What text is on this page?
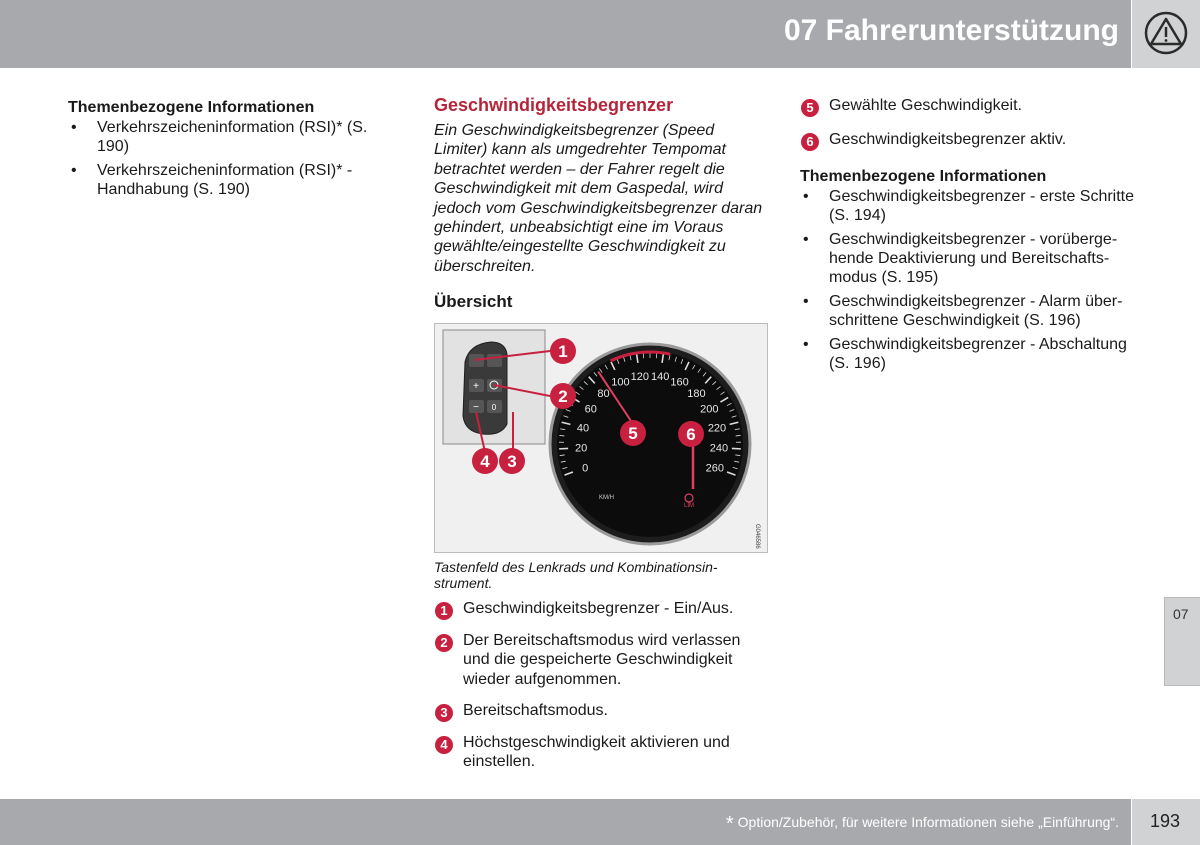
07 Fahrerunterstützung
Themenbezogene Informationen
• Verkehrszeicheninformation (RSI)* (S. 190)
• Verkehrszeicheninformation (RSI)* - Handhabung (S. 190)
Geschwindigkeitsbegrenzer

Ein Geschwindigkeitsbegrenzer (Speed Limiter) kann als umgedrehter Tempomat betrachtet werden – der Fahrer regelt die Geschwindigkeit mit dem Gaspedal, wird jedoch vom Geschwindigkeitsbegrenzer daran gehindert, unbeabsichtigt eine im Voraus gewählte/eingestellte Geschwindigkeit zu überschreiten.

Übersicht
+
− 0
0
20
40
60
80
100 120 140 160
180
200
220
240
260
KM/H
LIM
G046586
1
2
3
4
5	6

Tastenfeld des Lenkrads und Kombinationsinstrument.

1 Geschwindigkeitsbegrenzer - Ein/Aus.
2 Der Bereitschaftsmodus wird verlassen und die gespeicherte Geschwindigkeit wieder aufgenommen.
3 Bereitschaftsmodus.
4 Höchstgeschwindigkeit aktivieren und einstellen.
5 Gewählte Geschwindigkeit.
6 Geschwindigkeitsbegrenzer aktiv.
Themenbezogene Informationen
• Geschwindigkeitsbegrenzer - erste Schritte (S. 194)
• Geschwindigkeitsbegrenzer - vorübergehende Deaktivierung und Bereitschaftsmodus (S. 195)
• Geschwindigkeitsbegrenzer - Alarm überschrittene Geschwindigkeit (S. 196)
• Geschwindigkeitsbegrenzer - Abschaltung (S. 196)
07
* Option/Zubehör, für weitere Informationen siehe „Einführung“. 193
